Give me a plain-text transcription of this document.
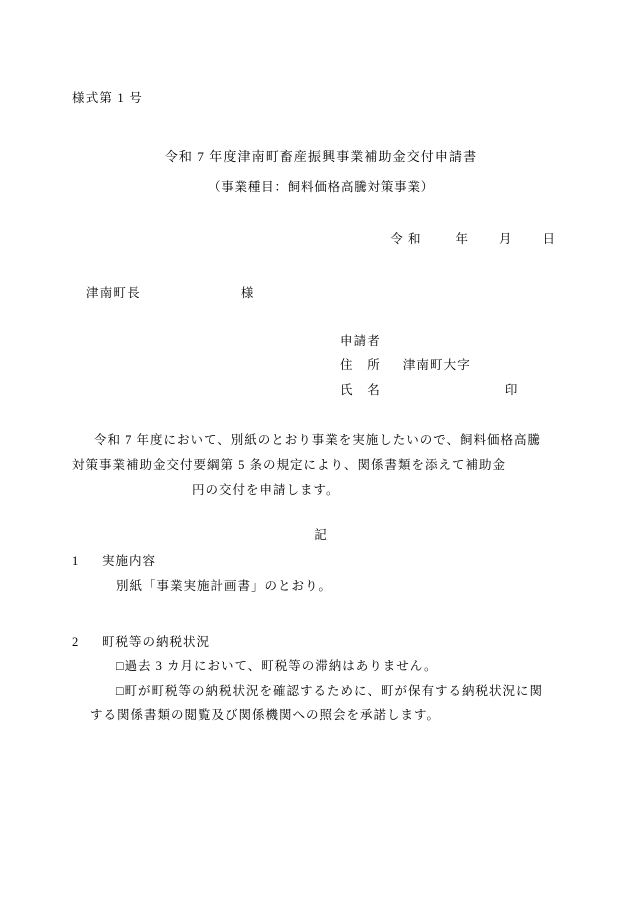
様式第 1 号
令和 7 年度津南町畜産振興事業補助金交付申請書
（事業種目：飼料価格高騰対策事業）
令 和	年 月 日
津南町長	様
申請者
住　所 津南町大字
氏　名	印
令和 7 年度において、別紙のとおり事業を実施したいので、飼料価格高騰
対策事業補助金交付要綱第 5 条の規定により、関係書類を添えて補助金
円の交付を申請します。
記
1 実施内容
別紙「事業実施計画書」のとおり。
2 町税等の納税状況
□過去 3 カ月において、町税等の滞納はありません。
□町が町税等の納税状況を確認するために、町が保有する納税状況に関
する関係書類の閲覧及び関係機関への照会を承諾します。
